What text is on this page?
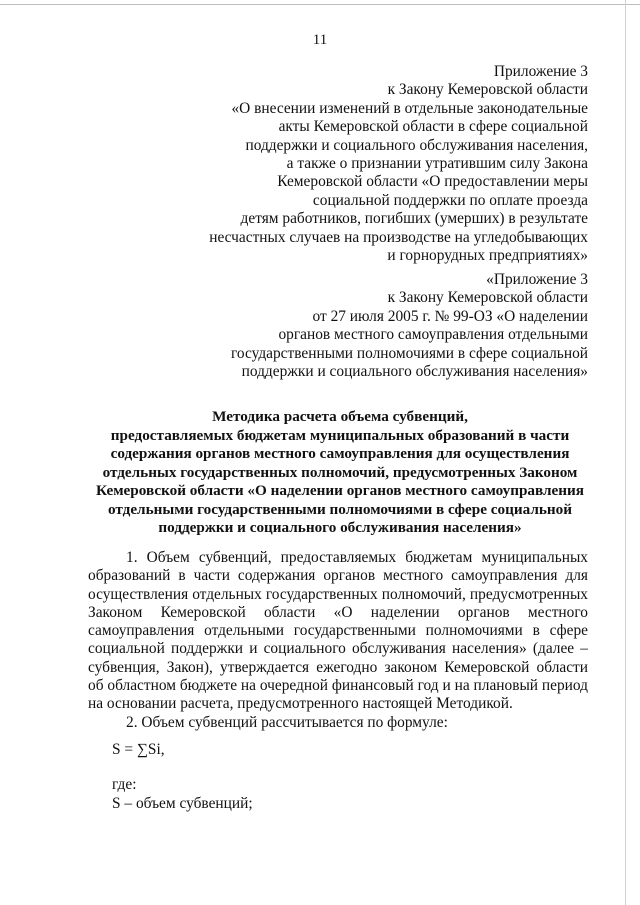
11
Приложение 3
к Закону Кемеровской области
«О внесении изменений в отдельные законодательные
акты Кемеровской области в сфере социальной
поддержки и социального обслуживания населения,
а также о признании утратившим силу Закона
Кемеровской области «О предоставлении меры
социальной поддержки по оплате проезда
детям работников, погибших (умерших) в результате
несчастных случаев на производстве на угледобывающих
и горнорудных предприятиях»
«Приложение 3
к Закону Кемеровской области
от 27 июля 2005 г. № 99-ОЗ «О наделении
органов местного самоуправления отдельными
государственными полномочиями в сфере социальной
поддержки и социального обслуживания населения»
Методика расчета объема субвенций,
предоставляемых бюджетам муниципальных образований в части
содержания органов местного самоуправления для осуществления
отдельных государственных полномочий, предусмотренных Законом
Кемеровской области «О наделении органов местного самоуправления
отдельными государственными полномочиями в сфере социальной
поддержки и социального обслуживания населения»
1. Объем субвенций, предоставляемых бюджетам муниципальных
образований в части содержания органов местного самоуправления для
осуществления отдельных государственных полномочий, предусмотренных
Законом Кемеровской области «О наделении органов местного
самоуправления отдельными государственными полномочиями в сфере
социальной поддержки и социального обслуживания населения» (далее –
субвенция, Закон), утверждается ежегодно законом Кемеровской области
об областном бюджете на очередной финансовый год и на плановый период
на основании расчета, предусмотренного настоящей Методикой.
2. Объем субвенций рассчитывается по формуле:
S = ∑Si,
где:
S – объем субвенций;
